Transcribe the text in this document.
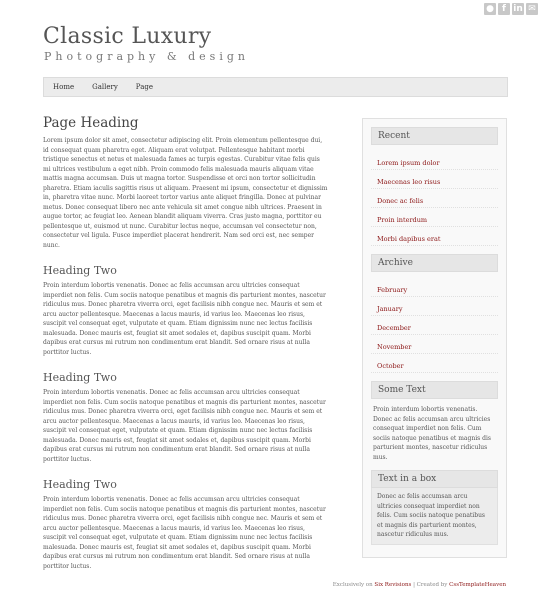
● f in ✉
Classic Luxury

Photography & design

Home	Gallery	Page
Page Heading

Lorem ipsum dolor sit amet, consectetur adipiscing elit. Proin elementum pellentesque dui, id consequat quam pharetra eget. Aliquam erat volutpat. Pellentesque habitant morbi tristique senectus et netus et malesuada fames ac turpis egestas. Curabitur vitae felis quis mi ultrices vestibulum a eget nibh. Proin commodo felis malesuada mauris aliquam vitae mattis magna accumsan. Duis ut magna tortor. Suspendisse et orci non tortor sollicitudin pharetra. Etiam iaculis sagittis risus ut aliquam. Praesent mi ipsum, consectetur et dignissim in, pharetra vitae nunc. Morbi laoreet tortor varius ante aliquet fringilla. Donec at pulvinar metus. Donec consequat libero nec ante vehicula sit amet congue nibh ultrices. Praesent in augue tortor, ac feugiat leo. Aenean blandit aliquam viverra. Cras justo magna, porttitor eu pellentesque ut, euismod ut nunc. Curabitur lectus neque, accumsan vel consectetur non, consectetur vel ligula. Fusce imperdiet placerat hendrerit. Nam sed orci est, nec semper nunc.

Heading Two

Proin interdum lobortis venenatis. Donec ac felis accumsan arcu ultricies consequat imperdiet non felis. Cum sociis natoque penatibus et magnis dis parturient montes, nascetur ridiculus mus. Donec pharetra viverra orci, eget facilisis nibh congue nec. Mauris et sem et arcu auctor pellentesque. Maecenas a lacus mauris, id varius leo. Maecenas leo risus, suscipit vel consequat eget, vulputate et quam. Etiam dignissim nunc nec lectus facilisis malesuada. Donec mauris est, feugiat sit amet sodales et, dapibus suscipit quam. Morbi dapibus erat cursus mi rutrum non condimentum erat blandit. Sed ornare risus at nulla porttitor luctus.

Heading Two

Proin interdum lobortis venenatis. Donec ac felis accumsan arcu ultricies consequat imperdiet non felis. Cum sociis natoque penatibus et magnis dis parturient montes, nascetur ridiculus mus. Donec pharetra viverra orci, eget facilisis nibh congue nec. Mauris et sem et arcu auctor pellentesque. Maecenas a lacus mauris, id varius leo. Maecenas leo risus, suscipit vel consequat eget, vulputate et quam. Etiam dignissim nunc nec lectus facilisis malesuada. Donec mauris est, feugiat sit amet sodales et, dapibus suscipit quam. Morbi dapibus erat cursus mi rutrum non condimentum erat blandit. Sed ornare risus at nulla porttitor luctus.

Heading Two

Proin interdum lobortis venenatis. Donec ac felis accumsan arcu ultricies consequat imperdiet non felis. Cum sociis natoque penatibus et magnis dis parturient montes, nascetur ridiculus mus. Donec pharetra viverra orci, eget facilisis nibh congue nec. Mauris et sem et arcu auctor pellentesque. Maecenas a lacus mauris, id varius leo. Maecenas leo risus, suscipit vel consequat eget, vulputate et quam. Etiam dignissim nunc nec lectus facilisis malesuada. Donec mauris est, feugiat sit amet sodales et, dapibus suscipit quam. Morbi dapibus erat cursus mi rutrum non condimentum erat blandit. Sed ornare risus at nulla porttitor luctus.

Recent
Lorem ipsum dolor
Maecenas leo risus
Donec ac felis
Proin interdum
Morbi dapibus erat
Archive
February
January
December
November
October
Some Text

Proin interdum lobortis venenatis. Donec ac felis accumsan arcu ultricies consequat imperdiet non felis. Cum sociis natoque penatibus et magnis dis parturient montes, nascetur ridiculus mus.

Text in a box
Donec ac felis accumsan arcu ultricies consequat imperdiet non felis. Cum sociis natoque penatibus et magnis dis parturient montes, nascetur ridiculus mus.
Exclusively on Six Revisions | Created by CssTemplateHeaven
